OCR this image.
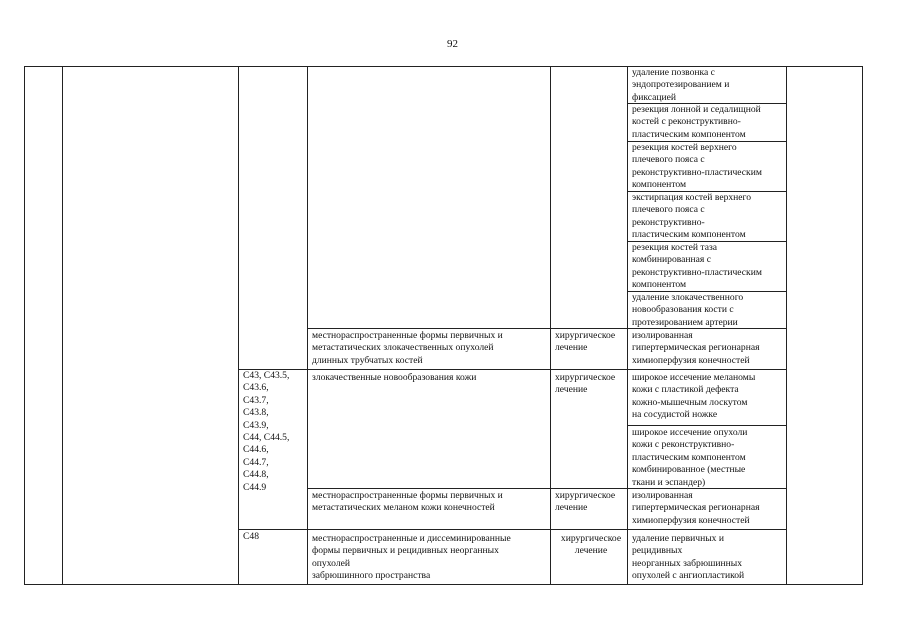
92
удаление позвонка с
эндопротезированием и
фиксацией
резекция лонной и седалищной
костей с реконструктивно-
пластическим компонентом
резекция костей верхнего
плечевого пояса с
реконструктивно-пластическим
компонентом
экстирпация костей верхнего
плечевого пояса с
реконструктивно-
пластическим компонентом
резекция костей таза
комбинированная с
реконструктивно-пластическим
компонентом
удаление злокачественного
новообразования кости с
протезированием артерии
местнораспространенные формы первичных и
метастатических злокачественных опухолей
длинных трубчатых костей
хирургическое
лечение
изолированная
гипертермическая регионарная
химиоперфузия конечностей
C43, C43.5,
C43.6,
C43.7,
C43.8,
C43.9,
C44, C44.5,
C44.6,
C44.7,
C44.8,
C44.9
злокачественные новообразования кожи	хирургическое
лечение
широкое иссечение меланомы
кожи с пластикой дефекта
кожно-мышечным лоскутом
на сосудистой ножке
широкое иссечение опухоли
кожи с реконструктивно-
пластическим компонентом
комбинированное (местные
ткани и эспандер)
местнораспространенные формы первичных и
метастатических меланом кожи конечностей
хирургическое
лечение
изолированная
гипертермическая регионарная
химиоперфузия конечностей
C48	местнораспространенные и диссеминированные
формы первичных и рецидивных неорганных
опухолей
забрюшинного пространства
хирургическое
лечение
удаление первичных и
рецидивных
неорганных забрюшинных
опухолей с ангиопластикой
